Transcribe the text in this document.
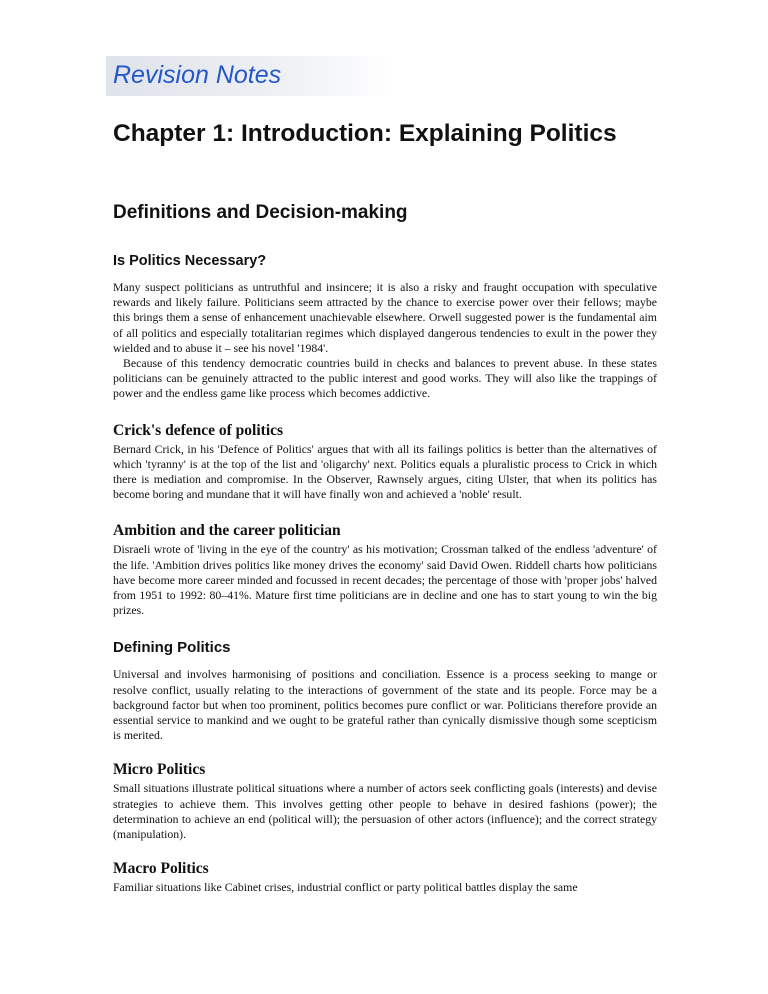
Revision Notes
Chapter 1: Introduction: Explaining Politics
Definitions and Decision-making
Is Politics Necessary?

Many suspect politicians as untruthful and insincere; it is also a risky and fraught occupation with speculative rewards and likely failure. Politicians seem attracted by the chance to exercise power over their fellows; maybe this brings them a sense of enhancement unachievable elsewhere. Orwell suggested power is the fundamental aim of all politics and especially totalitarian regimes which displayed dangerous tendencies to exult in the power they wielded and to abuse it – see his novel '1984'.

Because of this tendency democratic countries build in checks and balances to prevent abuse. In these states politicians can be genuinely attracted to the public interest and good works. They will also like the trappings of power and the endless game like process which becomes addictive.

Crick's defence of politics

Bernard Crick, in his 'Defence of Politics' argues that with all its failings politics is better than the alternatives of which 'tyranny' is at the top of the list and 'oligarchy' next. Politics equals a pluralistic process to Crick in which there is mediation and compromise. In the Observer, Rawnsely argues, citing Ulster, that when its politics has become boring and mundane that it will have finally won and achieved a 'noble' result.

Ambition and the career politician

Disraeli wrote of 'living in the eye of the country' as his motivation; Crossman talked of the endless 'adventure' of the life. 'Ambition drives politics like money drives the economy' said David Owen. Riddell charts how politicians have become more career minded and focussed in recent decades; the percentage of those with 'proper jobs' halved from 1951 to 1992: 80–41%. Mature first time politicians are in decline and one has to start young to win the big prizes.

Defining Politics

Universal and involves harmonising of positions and conciliation. Essence is a process seeking to mange or resolve conflict, usually relating to the interactions of government of the state and its people. Force may be a background factor but when too prominent, politics becomes pure conflict or war. Politicians therefore provide an essential service to mankind and we ought to be grateful rather than cynically dismissive though some scepticism is merited.

Micro Politics

Small situations illustrate political situations where a number of actors seek conflicting goals (interests) and devise strategies to achieve them. This involves getting other people to behave in desired fashions (power); the determination to achieve an end (political will); the persuasion of other actors (influence); and the correct strategy (manipulation).

Macro Politics

Familiar situations like Cabinet crises, industrial conflict or party political battles display the same
